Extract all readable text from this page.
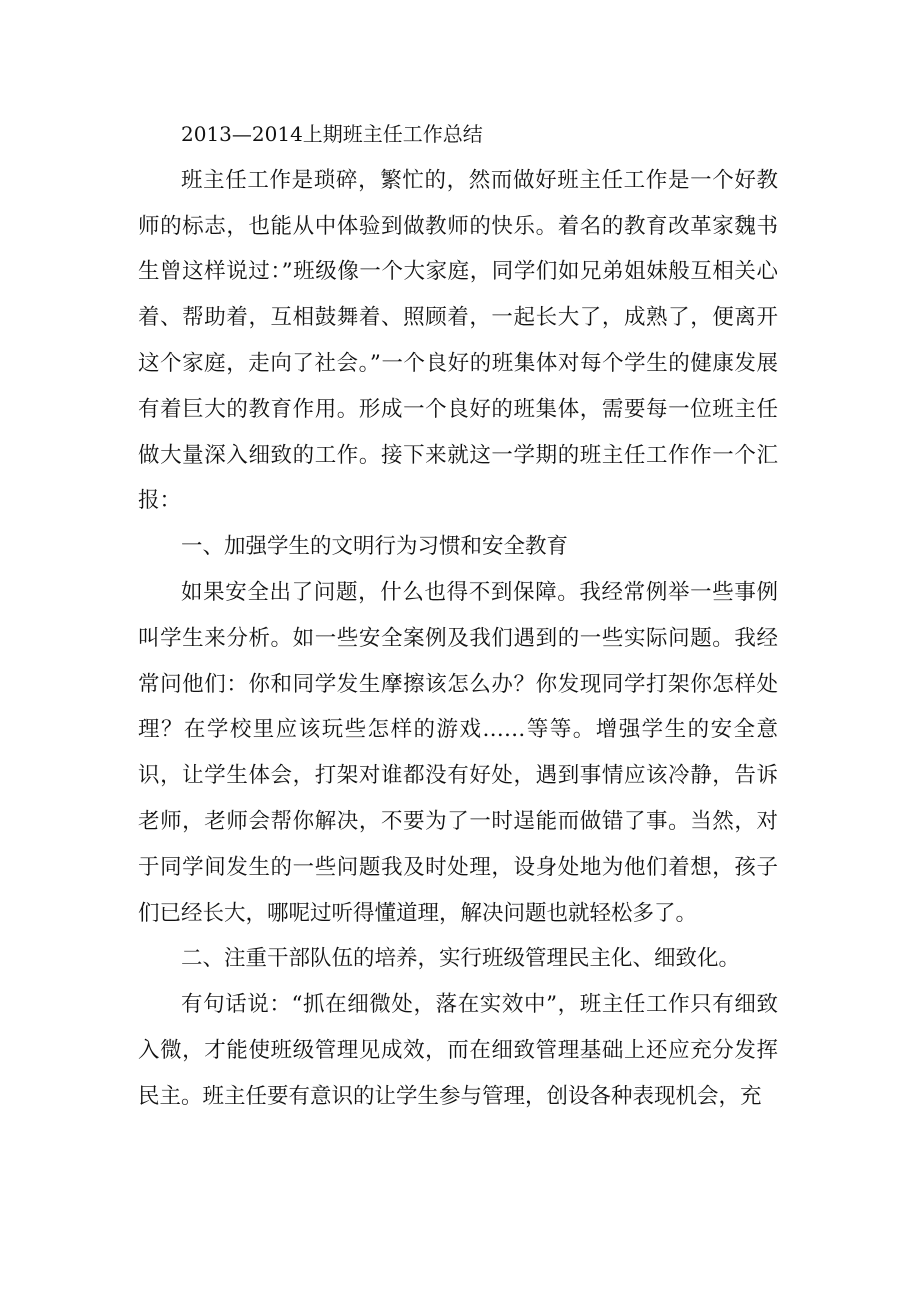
2013—2014上期班主任工作总结

班主任工作是琐碎，繁忙的，然而做好班主任工作是一个好教师的标志，也能从中体验到做教师的快乐。着名的教育改革家魏书生曾这样说过：”班级像一个大家庭，同学们如兄弟姐妹般互相关心着、帮助着，互相鼓舞着、照顾着，一起长大了，成熟了，便离开这个家庭，走向了社会。”一个良好的班集体对每个学生的健康发展有着巨大的教育作用。形成一个良好的班集体，需要每一位班主任做大量深入细致的工作。接下来就这一学期的班主任工作作一个汇报：

一、加强学生的文明行为习惯和安全教育

如果安全出了问题，什么也得不到保障。我经常例举一些事例叫学生来分析。如一些安全案例及我们遇到的一些实际问题。我经常问他们：你和同学发生摩擦该怎么办？你发现同学打架你怎样处理？在学校里应该玩些怎样的游戏……等等。增强学生的安全意识，让学生体会，打架对谁都没有好处，遇到事情应该冷静，告诉老师，老师会帮你解决，不要为了一时逞能而做错了事。当然，对于同学间发生的一些问题我及时处理，设身处地为他们着想，孩子们已经长大，哪呢过听得懂道理，解决问题也就轻松多了。

二、注重干部队伍的培养，实行班级管理民主化、细致化。

有句话说：“抓在细微处，落在实效中”，班主任工作只有细致入微，才能使班级管理见成效，而在细致管理基础上还应充分发挥民主。班主任要有意识的让学生参与管理，创设各种表现机会，充
